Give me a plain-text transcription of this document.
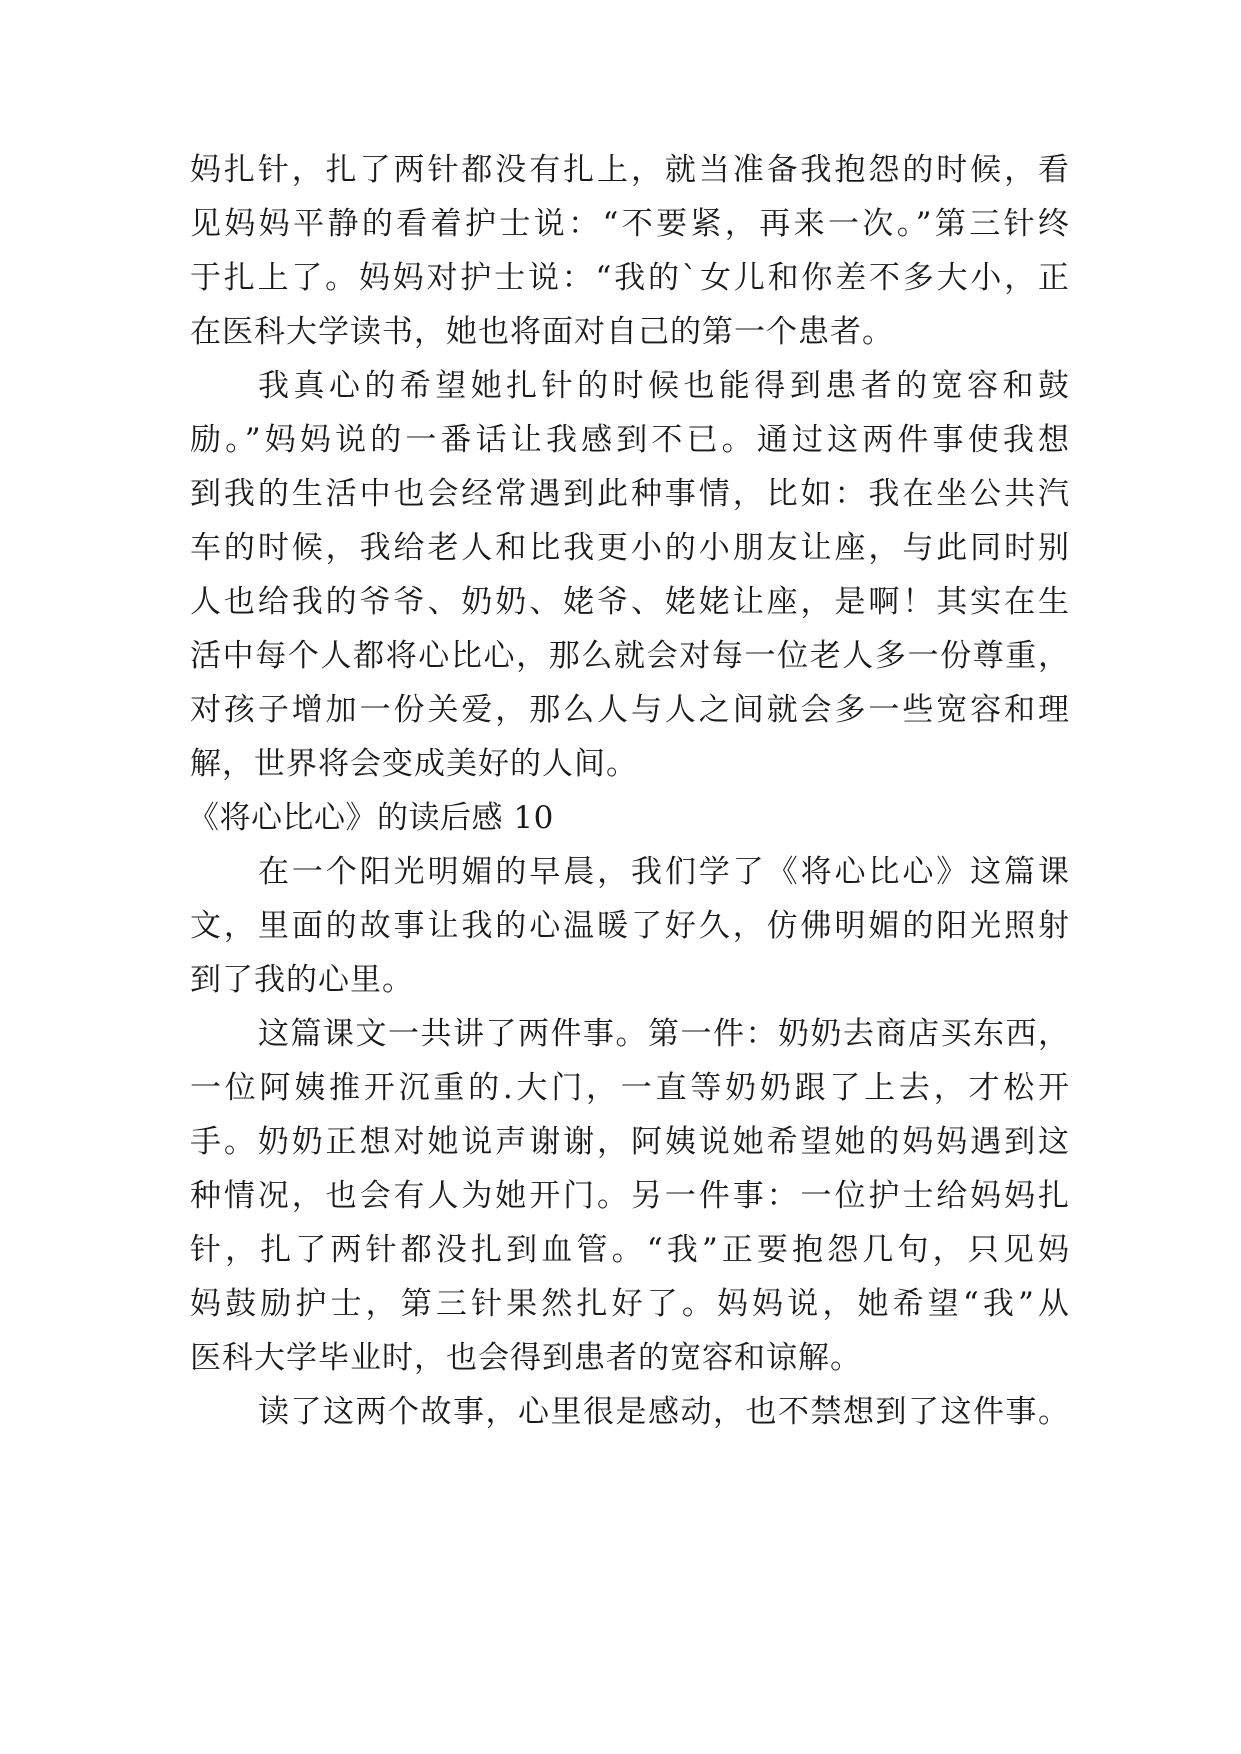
妈扎针，扎了两针都没有扎上，就当准备我抱怨的时候，看
见妈妈平静的看着护士说：“不要紧，再来一次。”第三针终
于扎上了。妈妈对护士说：“我的`女儿和你差不多大小，正
在医科大学读书，她也将面对自己的第一个患者。
我真心的希望她扎针的时候也能得到患者的宽容和鼓
励。”妈妈说的一番话让我感到不已。通过这两件事使我想
到我的生活中也会经常遇到此种事情，比如：我在坐公共汽
车的时候，我给老人和比我更小的小朋友让座，与此同时别
人也给我的爷爷、奶奶、姥爷、姥姥让座，是啊！其实在生
活中每个人都将心比心，那么就会对每一位老人多一份尊重，
对孩子增加一份关爱，那么人与人之间就会多一些宽容和理
解，世界将会变成美好的人间。
《将心比心》的读后感 10
在一个阳光明媚的早晨，我们学了《将心比心》这篇课
文，里面的故事让我的心温暖了好久，仿佛明媚的阳光照射
到了我的心里。
这篇课文一共讲了两件事。第一件：奶奶去商店买东西，
一位阿姨推开沉重的.大门，一直等奶奶跟了上去，才松开
手。奶奶正想对她说声谢谢，阿姨说她希望她的妈妈遇到这
种情况，也会有人为她开门。另一件事：一位护士给妈妈扎
针，扎了两针都没扎到血管。“我”正要抱怨几句，只见妈
妈鼓励护士，第三针果然扎好了。妈妈说，她希望“我”从
医科大学毕业时，也会得到患者的宽容和谅解。
读了这两个故事，心里很是感动，也不禁想到了这件事。
